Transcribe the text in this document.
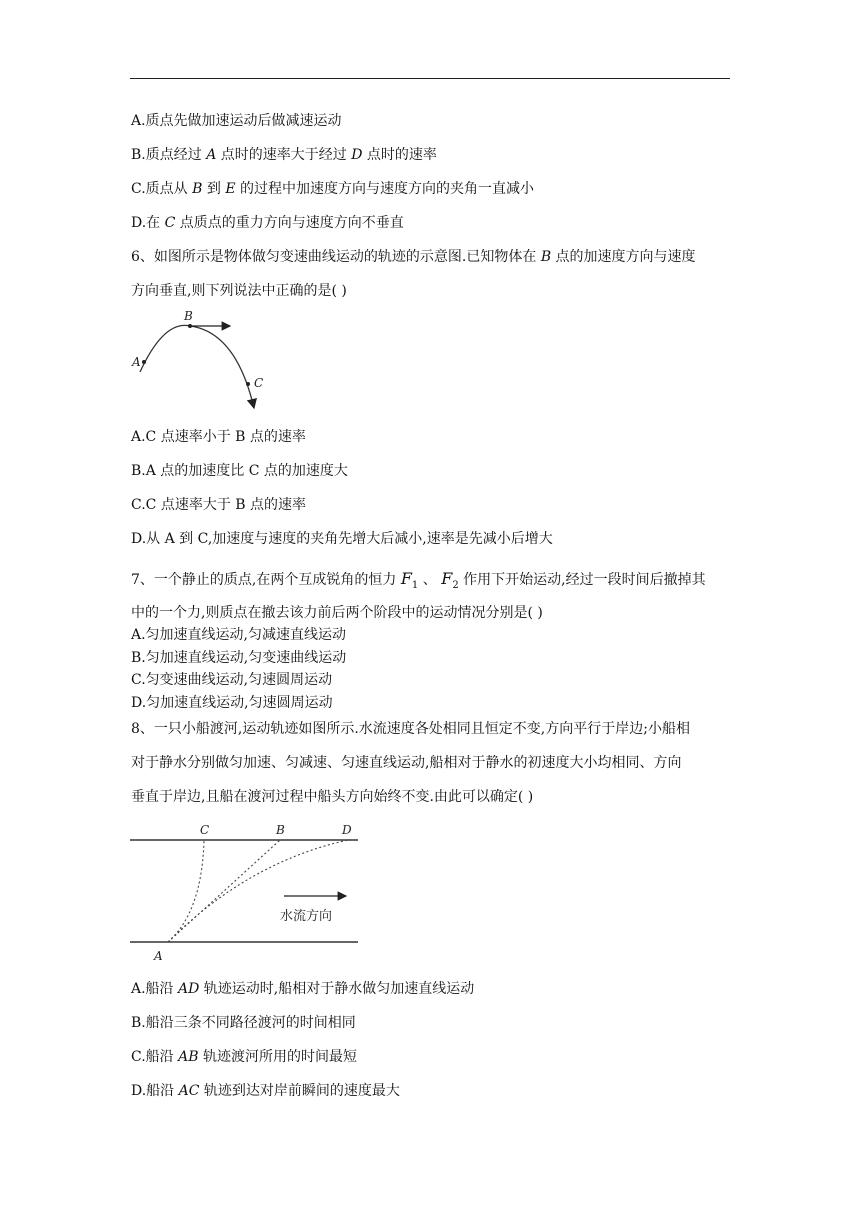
A.质点先做加速运动后做减速运动
B.质点经过 A 点时的速率大于经过 D 点时的速率
C.质点从 B 到 E 的过程中加速度方向与速度方向的夹角一直减小
D.在 C 点质点的重力方向与速度方向不垂直
6、如图所示是物体做匀变速曲线运动的轨迹的示意图.已知物体在 B 点的加速度方向与速度
方向垂直,则下列说法中正确的是( )
A
B
C
A.C 点速率小于 B 点的速率
B.A 点的加速度比 C 点的加速度大
C.C 点速率大于 B 点的速率
D.从 A 到 C,加速度与速度的夹角先增大后减小,速率是先减小后增大
7、一个静止的质点,在两个互成锐角的恒力 $F_1$ 、 $F_2$ 作用下开始运动,经过一段时间后撤掉其
中的一个力,则质点在撤去该力前后两个阶段中的运动情况分别是( )
A.匀加速直线运动,匀减速直线运动
B.匀加速直线运动,匀变速曲线运动
C.匀变速曲线运动,匀速圆周运动
D.匀加速直线运动,匀速圆周运动
8、一只小船渡河,运动轨迹如图所示.水流速度各处相同且恒定不变,方向平行于岸边;小船相
对于静水分别做匀加速、匀减速、匀速直线运动,船相对于静水的初速度大小均相同、方向
垂直于岸边,且船在渡河过程中船头方向始终不变.由此可以确定( )
水流方向
C	B	D
A
A.船沿 AD 轨迹运动时,船相对于静水做匀加速直线运动
B.船沿三条不同路径渡河的时间相同
C.船沿 AB 轨迹渡河所用的时间最短
D.船沿 AC 轨迹到达对岸前瞬间的速度最大
